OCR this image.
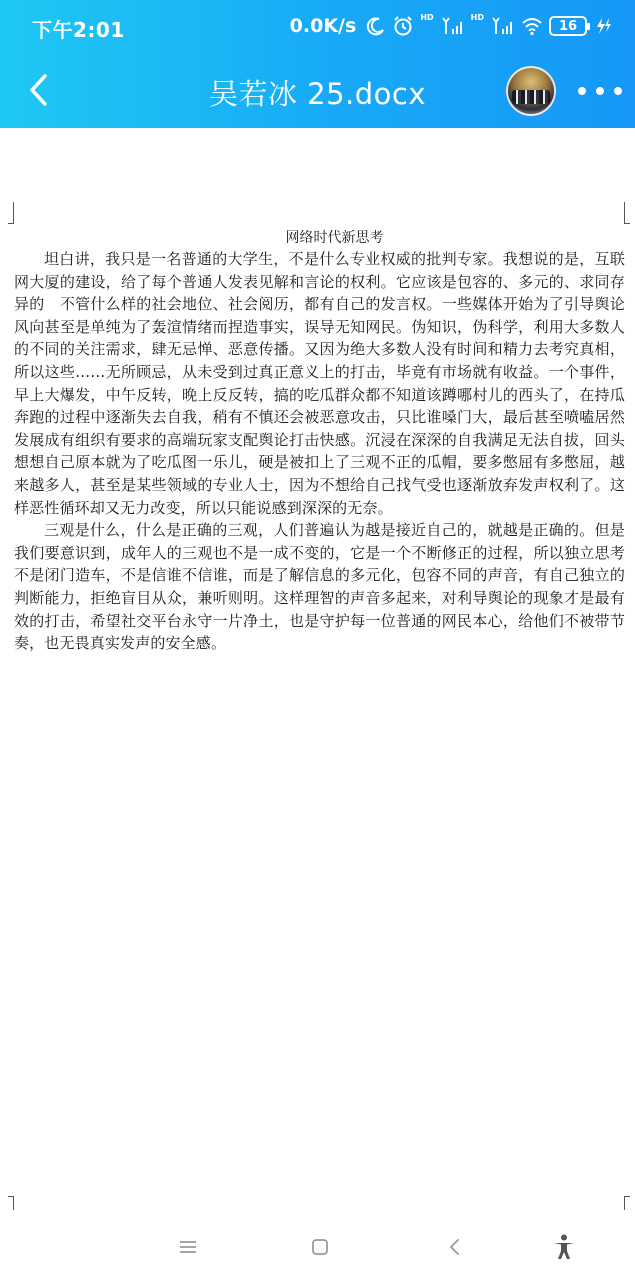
下午2:01	0.0K/s	HD	HD
16
吴若冰 25.docx
网络时代新思考

坦白讲，我只是一名普通的大学生，不是什么专业权威的批判专家。我想说的是，互联网大厦的建设，给了每个普通人发表见解和言论的权利。它应该是包容的、多元的、求同存异的　不管什么样的社会地位、社会阅历，都有自己的发言权。一些媒体开始为了引导舆论风向甚至是单纯为了轰渲情绪而捏造事实，误导无知网民。伪知识，伪科学，利用大多数人的不同的关注需求，肆无忌惮、恶意传播。又因为绝大多数人没有时间和精力去考究真相，所以这些……无所顾忌，从未受到过真正意义上的打击，毕竟有市场就有收益。一个事件，早上大爆发，中午反转，晚上反反转，搞的吃瓜群众都不知道该蹲哪村儿的西头了，在持瓜奔跑的过程中逐渐失去自我，稍有不慎还会被恶意攻击，只比谁嗓门大，最后甚至喷嗑居然发展成有组织有要求的高端玩家支配舆论打击快感。沉浸在深深的自我满足无法自拔，回头想想自己原本就为了吃瓜图一乐儿，硬是被扣上了三观不正的瓜帽，要多憋屈有多憋屈，越来越多人，甚至是某些领域的专业人士，因为不想给自己找气受也逐渐放弃发声权利了。这样恶性循环却又无力改变，所以只能说感到深深的无奈。

三观是什么，什么是正确的三观，人们普遍认为越是接近自己的，就越是正确的。但是我们要意识到，成年人的三观也不是一成不变的，它是一个不断修正的过程，所以独立思考不是闭门造车，不是信谁不信谁，而是了解信息的多元化，包容不同的声音，有自己独立的判断能力，拒绝盲目从众，兼听则明。这样理智的声音多起来，对利导舆论的现象才是最有效的打击，希望社交平台永守一片净土，也是守护每一位普通的网民本心，给他们不被带节奏，也无畏真实发声的安全感。
